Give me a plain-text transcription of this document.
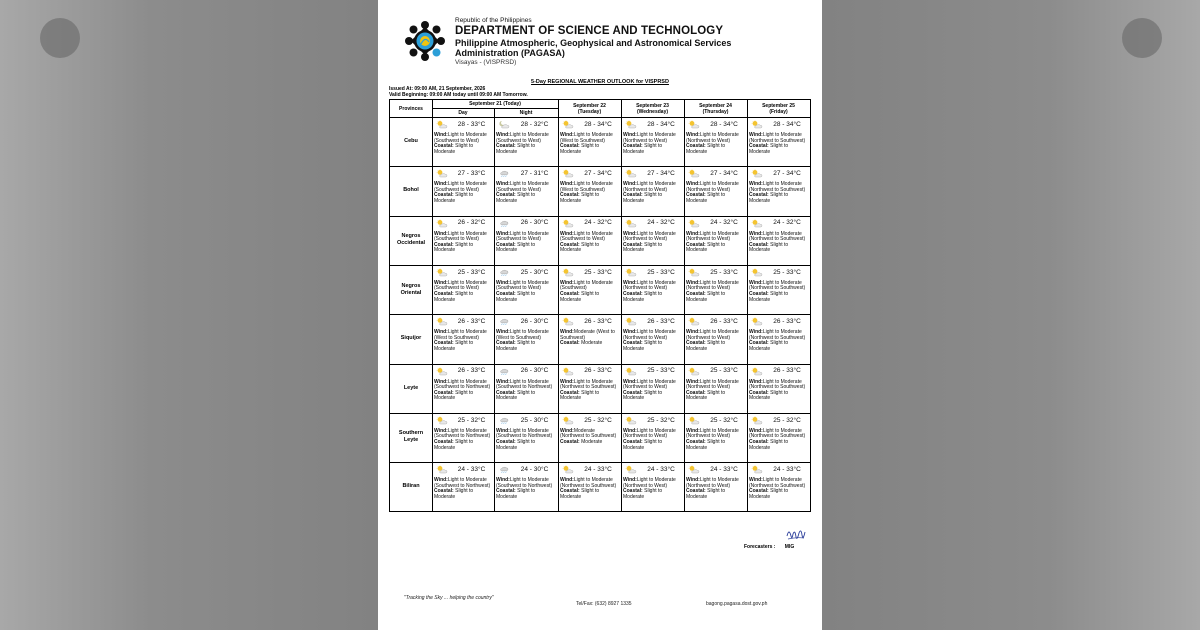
Republic of the Philippines
DEPARTMENT OF SCIENCE AND TECHNOLOGY
Philippine Atmospheric, Geophysical and Astronomical Services
Administration (PAGASA)
Visayas - (VISPRSD)
5-Day REGIONAL WEATHER OUTLOOK for VISPRSD
Issued At: 09:00 AM, 21 September, 2026
Valid Beginning: 09:00 AM today until 09:00 AM Tomorrow.
Provinces
September 21 (Today)
Day	Night
September 22
(Tuesday)
September 23
(Wednesday)
September 24
(Thursday)
September 25
(Friday)
Cebu
28 - 33°C
Wind:Light to Moderate (Southwest to West)
Coastal: Slight to Moderate
28 - 32°C
Wind:Light to Moderate (Southwest to West)
Coastal: Slight to Moderate
28 - 34°C
Wind:Light to Moderate (West to Southwest)
Coastal: Slight to Moderate
28 - 34°C
Wind:Light to Moderate (Northwest to West)
Coastal: Slight to Moderate
28 - 34°C
Wind:Light to Moderate (Northwest to West)
Coastal: Slight to Moderate
28 - 34°C
Wind:Light to Moderate (Northwest to Southwest)
Coastal: Slight to Moderate
Bohol
27 - 33°C
Wind:Light to Moderate (Southwest to West)
Coastal: Slight to Moderate
27 - 31°C
Wind:Light to Moderate (Southwest to West)
Coastal: Slight to Moderate
27 - 34°C
Wind:Light to Moderate (West to Southwest)
Coastal: Slight to Moderate
27 - 34°C
Wind:Light to Moderate (Northwest to West)
Coastal: Slight to Moderate
27 - 34°C
Wind:Light to Moderate (Northwest to West)
Coastal: Slight to Moderate
27 - 34°C
Wind:Light to Moderate (Northwest to Southwest)
Coastal: Slight to Moderate
Negros Occidental
26 - 32°C
Wind:Light to Moderate (Southwest to West)
Coastal: Slight to Moderate
26 - 30°C
Wind:Light to Moderate (Southwest to West)
Coastal: Slight to Moderate
24 - 32°C
Wind:Light to Moderate (Southwest to West)
Coastal: Slight to Moderate
24 - 32°C
Wind:Light to Moderate (Northwest to West)
Coastal: Slight to Moderate
24 - 32°C
Wind:Light to Moderate (Northwest to West)
Coastal: Slight to Moderate
24 - 32°C
Wind:Light to Moderate (Northwest to Southwest)
Coastal: Slight to Moderate
Negros Oriental
25 - 33°C
Wind:Light to Moderate (Southwest to West)
Coastal: Slight to Moderate
25 - 30°C
Wind:Light to Moderate (Southwest to West)
Coastal: Slight to Moderate
25 - 33°C
Wind:Light to Moderate (Southwest)
Coastal: Slight to Moderate
25 - 33°C
Wind:Light to Moderate (Northwest to West)
Coastal: Slight to Moderate
25 - 33°C
Wind:Light to Moderate (Northwest to West)
Coastal: Slight to Moderate
25 - 33°C
Wind:Light to Moderate (Northwest to Southwest)
Coastal: Slight to Moderate
Siquijor
26 - 33°C
Wind:Light to Moderate (West to Southwest)
Coastal: Slight to Moderate
26 - 30°C
Wind:Light to Moderate (West to Southwest)
Coastal: Slight to Moderate
26 - 33°C
Wind:Moderate (West to Southwest)
Coastal: Moderate
26 - 33°C
Wind:Light to Moderate (Northwest to West)
Coastal: Slight to Moderate
26 - 33°C
Wind:Light to Moderate (Northwest to West)
Coastal: Slight to Moderate
26 - 33°C
Wind:Light to Moderate (Northwest to Southwest)
Coastal: Slight to Moderate
Leyte
26 - 33°C
Wind:Light to Moderate (Southwest to Northwest)
Coastal: Slight to Moderate
26 - 30°C
Wind:Light to Moderate (Southwest to Northwest)
Coastal: Slight to Moderate
26 - 33°C
Wind:Light to Moderate (Northwest to Southwest)
Coastal: Slight to Moderate
25 - 33°C
Wind:Light to Moderate (Northwest to West)
Coastal: Slight to Moderate
25 - 33°C
Wind:Light to Moderate (Northwest to West)
Coastal: Slight to Moderate
26 - 33°C
Wind:Light to Moderate (Northwest to Southwest)
Coastal: Slight to Moderate
Southern Leyte
25 - 32°C
Wind:Light to Moderate (Southwest to Northwest)
Coastal: Slight to Moderate
25 - 30°C
Wind:Light to Moderate (Southwest to Northwest)
Coastal: Slight to Moderate
25 - 32°C
Wind:Moderate (Northwest to Southwest)
Coastal: Moderate
25 - 32°C
Wind:Light to Moderate (Northwest to West)
Coastal: Slight to Moderate
25 - 32°C
Wind:Light to Moderate (Northwest to West)
Coastal: Slight to Moderate
25 - 32°C
Wind:Light to Moderate (Northwest to Southwest)
Coastal: Slight to Moderate
Biliran
24 - 33°C
Wind:Light to Moderate (Southwest to Northwest)
Coastal: Slight to Moderate
24 - 30°C
Wind:Light to Moderate (Southwest to Northwest)
Coastal: Slight to Moderate
24 - 33°C
Wind:Light to Moderate (Northwest to Southwest)
Coastal: Slight to Moderate
24 - 33°C
Wind:Light to Moderate (Northwest to West)
Coastal: Slight to Moderate
24 - 33°C
Wind:Light to Moderate (Northwest to West)
Coastal: Slight to Moderate
24 - 33°C
Wind:Light to Moderate (Northwest to Southwest)
Coastal: Slight to Moderate
Forecasters : MIG
"Tracking the Sky ... helping the country"
Tel/Fax: (632) 8927 1335	bagong.pagasa.dost.gov.ph
